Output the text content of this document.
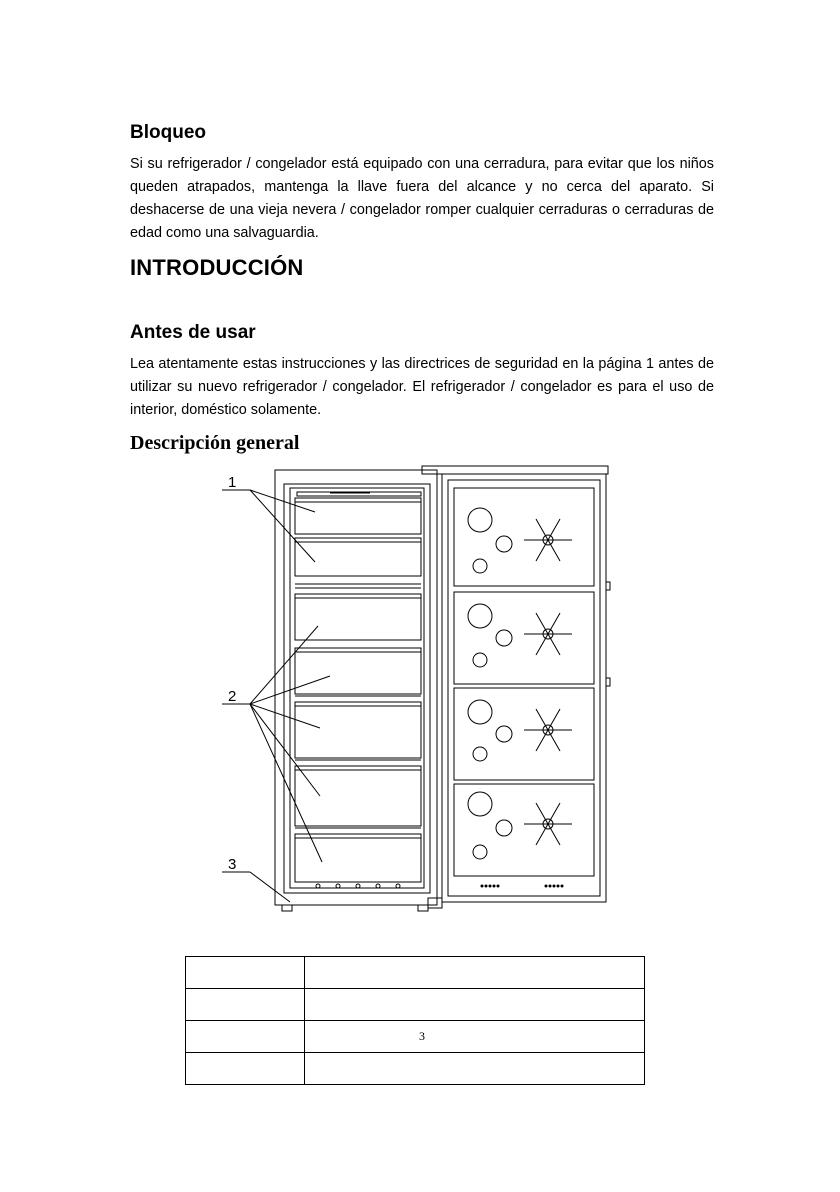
Bloqueo

Si su refrigerador / congelador está equipado con una cerradura, para evitar que los niños queden atrapados, mantenga la llave fuera del alcance y no cerca del aparato. Si deshacerse de una vieja nevera / congelador romper cualquier cerraduras o cerraduras de edad como una salvaguardia.

INTRODUCCIÓN
Antes de usar

Lea atentamente estas instrucciones y las directrices de seguridad en la página 1 antes de utilizar su nuevo refrigerador / congelador. El refrigerador / congelador es para el uso de interior, doméstico solamente.

Descripción general
1
2
3

	3
